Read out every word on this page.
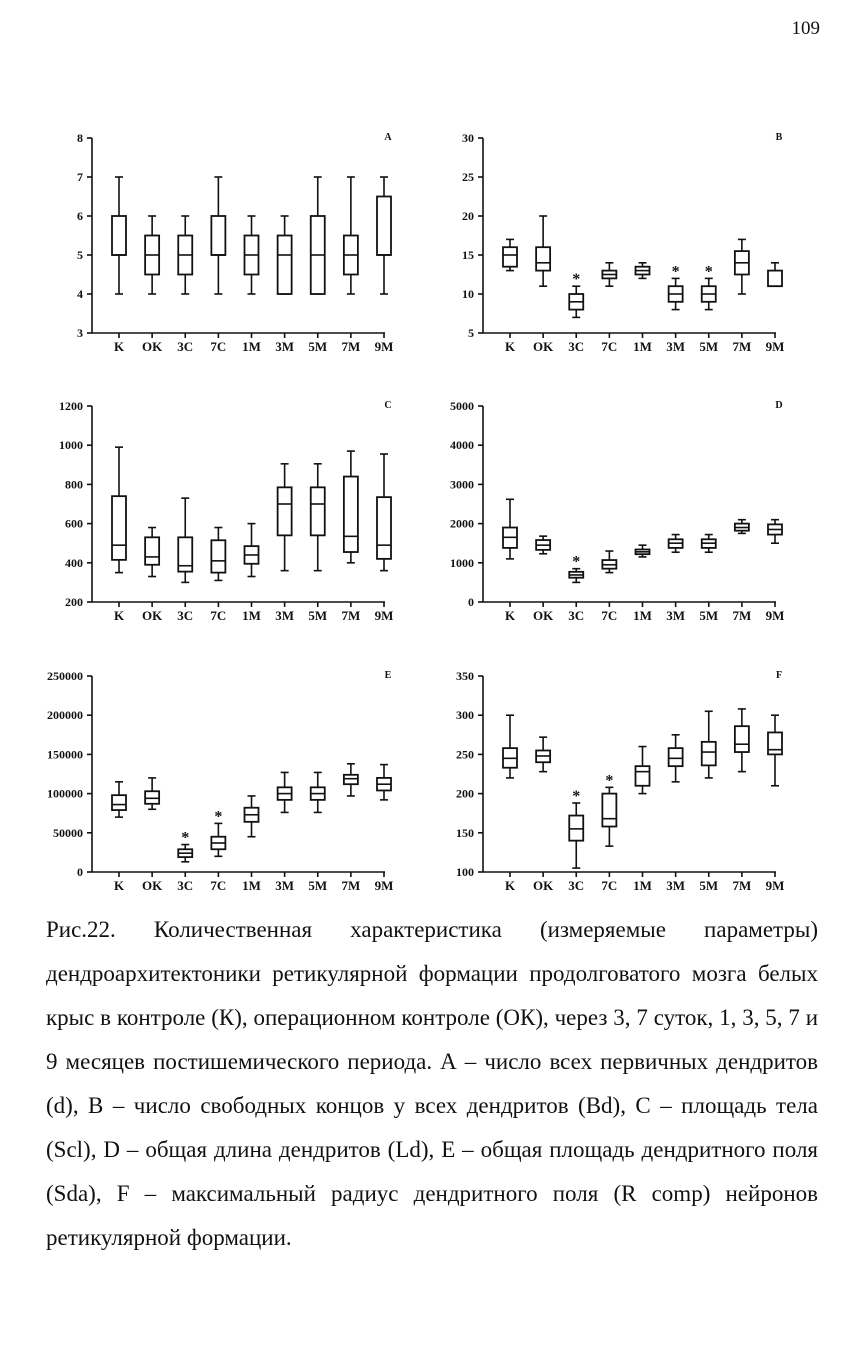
109
3
4
5
6
7
8	A
K OK 3C 7C 1M 3M 5M 7M 9M
5
10
15
20
25
30	B
K OK 3C
*
7C 1M 3M
*
5M
*
7M 9M
200
400
600
800
1000
1200	C
K OK 3C 7C 1M 3M 5M 7M 9M
0
1000
2000
3000
4000
5000	D
K OK 3C
*
7C 1M 3M 5M 7M 9M
0
50000
100000
150000
200000
250000	E
K OK 3C
*
7C
*
1M 3M 5M 7M 9M
100
150
200
250
300
350	F
K OK 3C
*
7C
*
1M 3M 5M 7M 9M
Рис.22. Количественная характеристика (измеряемые параметры) дендроархитектоники ретикулярной формации продолговатого мозга белых крыс в контроле (К), операционном контроле (ОК), через 3, 7 суток, 1, 3, 5, 7 и 9 месяцев постишемического периода. А – число всех первичных дендритов (d), В – число свободных концов у всех дендритов (Bd), С – площадь тела (Scl), D – общая длина дендритов (Ld), Е – общая площадь дендритного поля (Sda), F – максимальный радиус дендритного поля (R comp) нейронов ретикулярной формации.
